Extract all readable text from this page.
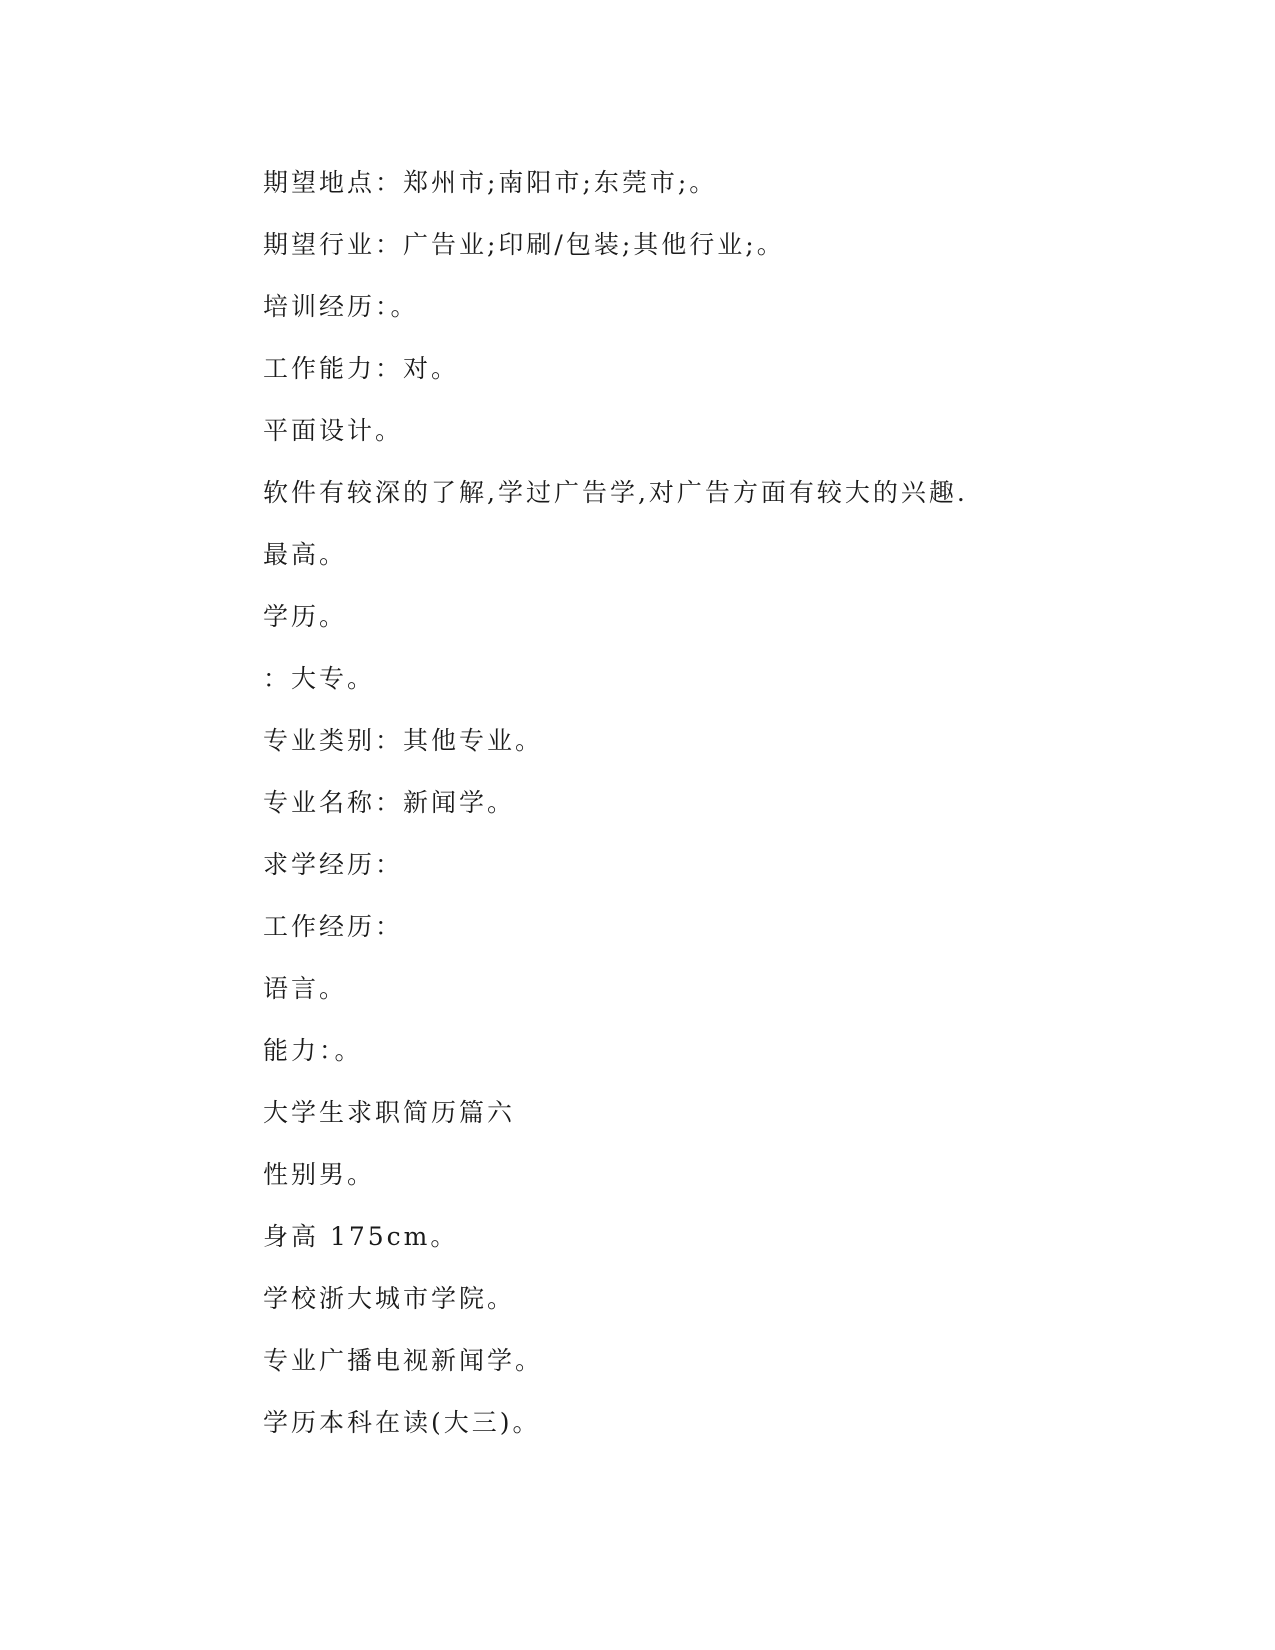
期望地点：郑州市;南阳市;东莞市;。
期望行业：广告业;印刷/包装;其他行业;。
培训经历：。
工作能力：对。
平面设计。
软件有较深的了解,学过广告学,对广告方面有较大的兴趣.
最高。
学历。
：大专。
专业类别：其他专业。
专业名称：新闻学。
求学经历：
工作经历：
语言。
能力：。
大学生求职简历篇六
性别男。
身高 175cm。
学校浙大城市学院。
专业广播电视新闻学。
学历本科在读(大三)。
